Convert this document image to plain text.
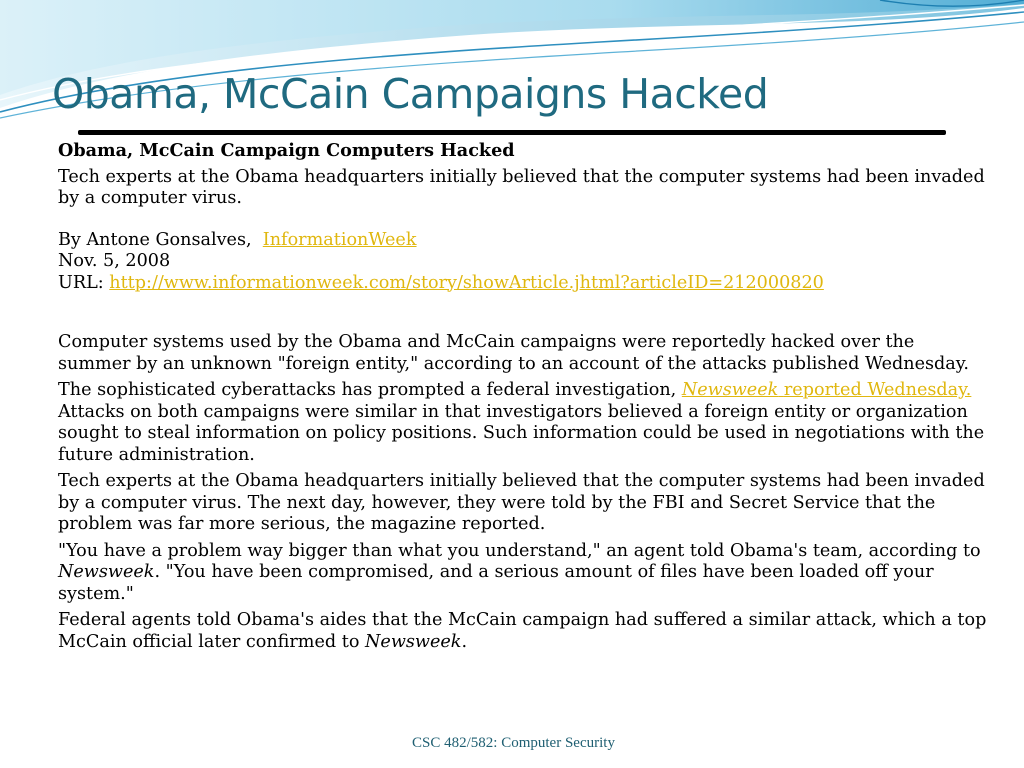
Obama, McCain Campaigns Hacked

Obama, McCain Campaign Computers Hacked

Tech experts at the Obama headquarters initially believed that the computer systems had been invaded by a computer virus.

By Antone Gonsalves, InformationWeek
Nov. 5, 2008
URL: http://www.informationweek.com/story/showArticle.jhtml?articleID=212000820

Computer systems used by the Obama and McCain campaigns were reportedly hacked over the summer by an unknown "foreign entity," according to an account of the attacks published Wednesday.

The sophisticated cyberattacks has prompted a federal investigation, Newsweek reported Wednesday. Attacks on both campaigns were similar in that investigators believed a foreign entity or organization sought to steal information on policy positions. Such information could be used in negotiations with the future administration.

Tech experts at the Obama headquarters initially believed that the computer systems had been invaded by a computer virus. The next day, however, they were told by the FBI and Secret Service that the problem was far more serious, the magazine reported.

"You have a problem way bigger than what you understand," an agent told Obama's team, according to Newsweek. "You have been compromised, and a serious amount of files have been loaded off your system."

Federal agents told Obama's aides that the McCain campaign had suffered a similar attack, which a top McCain official later confirmed to Newsweek.

CSC 482/582: Computer Security
